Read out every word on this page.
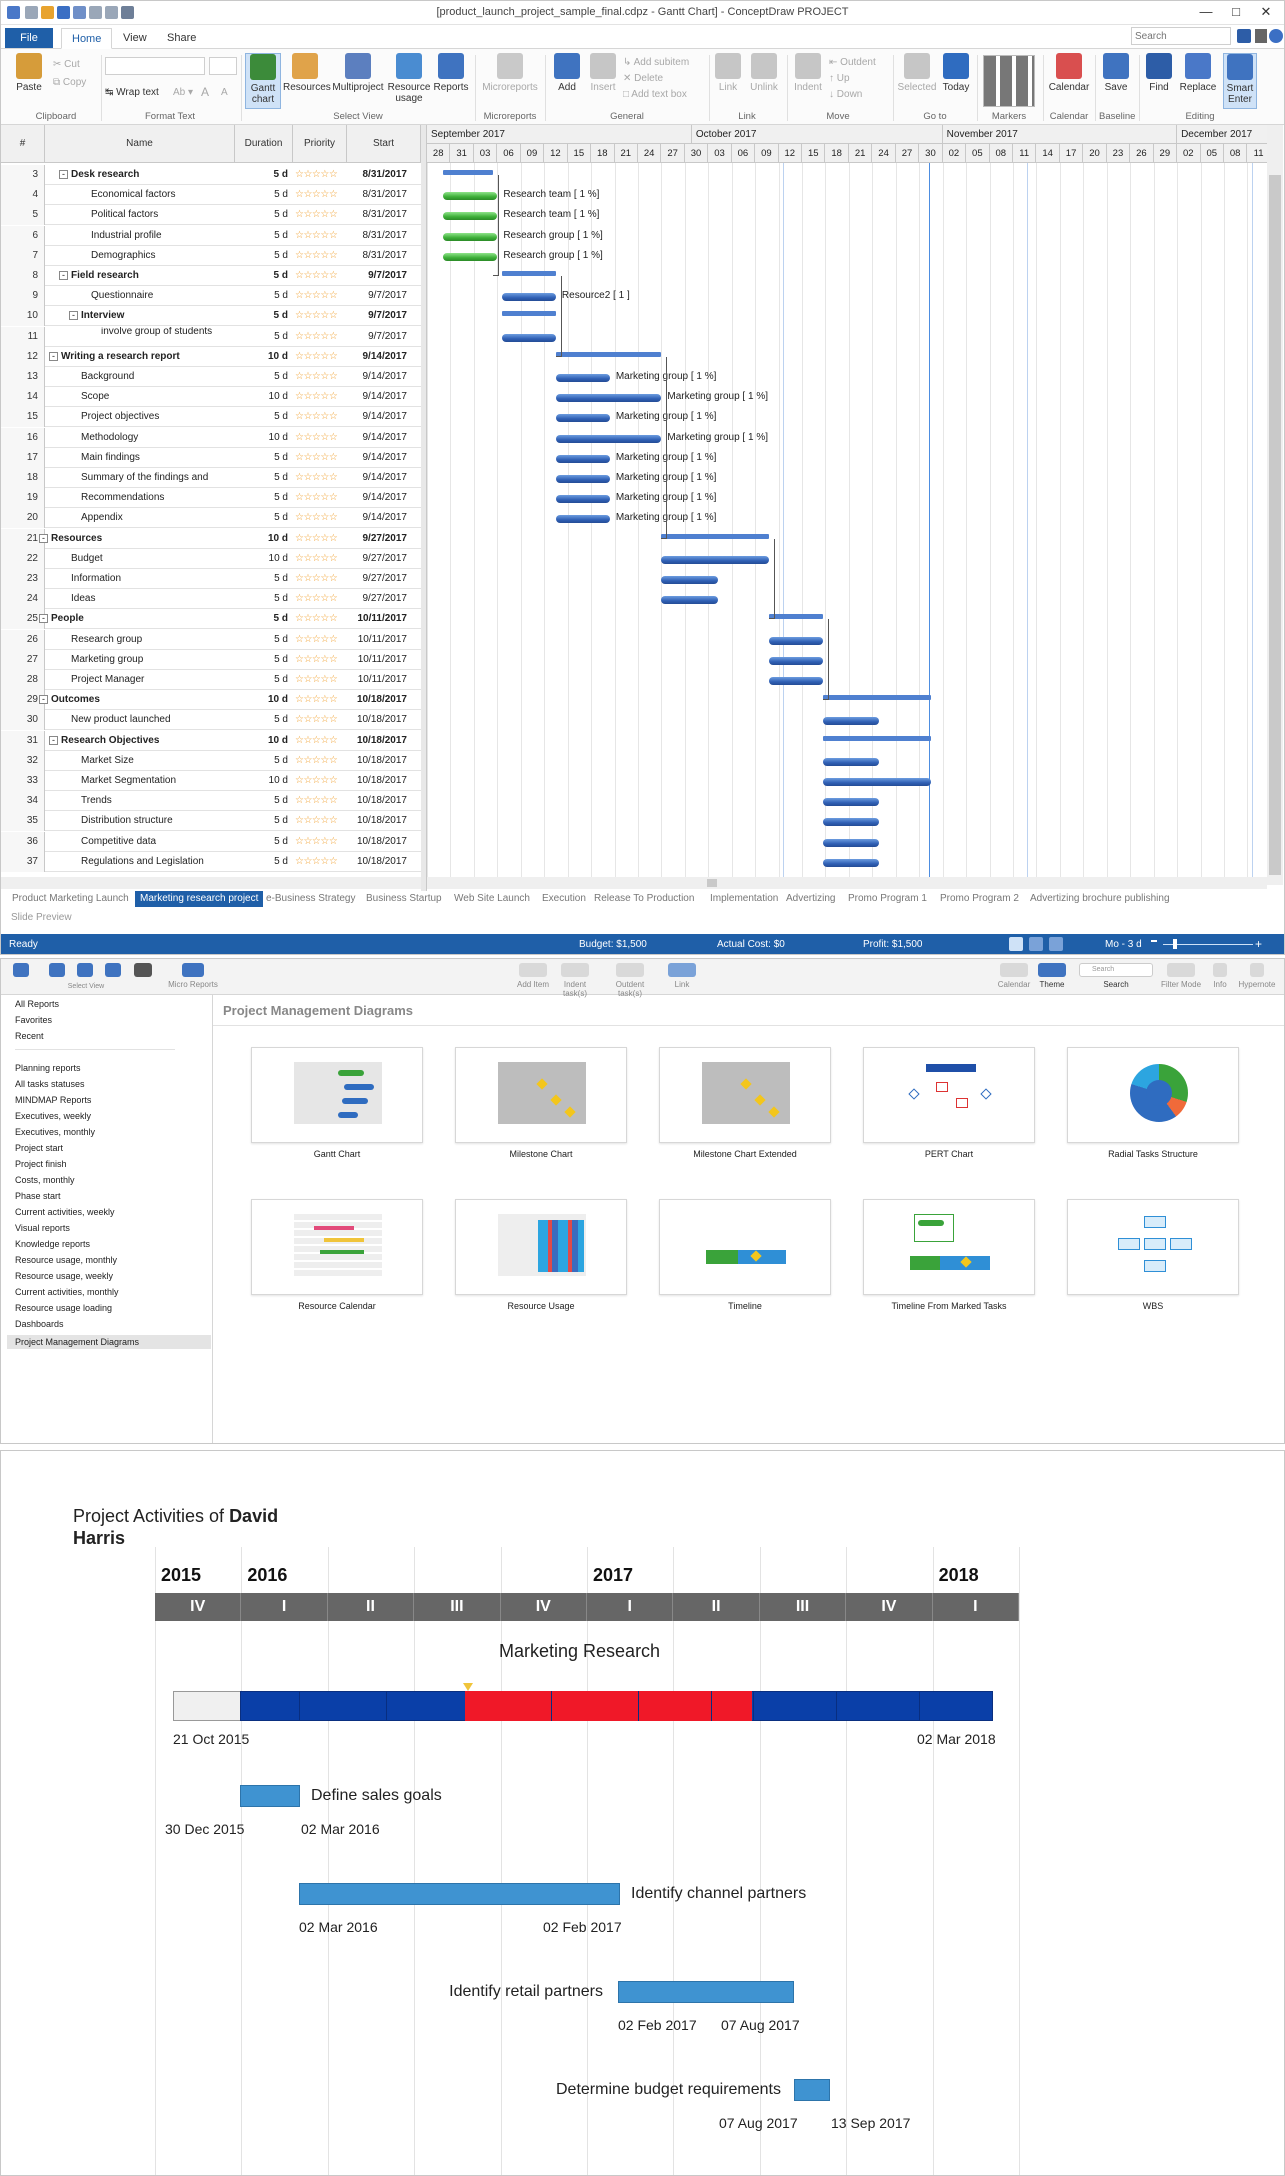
[product_launch_project_sample_final.cdpz - Gantt Chart] - ConceptDraw PROJECT	—	□	✕
File	Home	View	Share
Search
Paste
✂ Cut
⧉ Copy
Clipboard
↹ Wrap text Ab ▾ A A
Format Text
Gantt chart
Resources Multiproject Resource usage
Reports
Select View
Microreports
Microreports
Add	Insert
↳ Add subitem
✕ Delete
□ Add text box
General
Link	Unlink
Link
Indent
⇤ Outdent
↑ Up
↓ Down
Move
Selected Today
Go to	Markers
Calendar
Calendar
Save
Baseline
Find	Replace	Smart Enter
Editing
#	Name	Duration	Priority	Start
September 2017	October 2017	November 2017	December 2017
28	31	03	06	09	12	15	18	21	24	27	30	03	06	09	12	15	18	21	24	27	30	02	05	08	11	14	17	20	23	26	29	02	05	08	11
3	- Desk research	5 d ☆☆☆☆☆	8/31/2017
4	Economical factors	5 d ☆☆☆☆☆	8/31/2017
5	Political factors	5 d ☆☆☆☆☆	8/31/2017
6	Industrial profile	5 d ☆☆☆☆☆	8/31/2017
7	Demographics	5 d ☆☆☆☆☆	8/31/2017
8	- Field research	5 d ☆☆☆☆☆	9/7/2017
9	Questionnaire	5 d ☆☆☆☆☆	9/7/2017
10	- Interview	5 d ☆☆☆☆☆	9/7/2017
11	involve group of students	5 d ☆☆☆☆☆	9/7/2017
12	- Writing a research report	10 d ☆☆☆☆☆	9/14/2017
13	Background	5 d ☆☆☆☆☆	9/14/2017
14	Scope	10 d ☆☆☆☆☆	9/14/2017
15	Project objectives	5 d ☆☆☆☆☆	9/14/2017
16	Methodology	10 d ☆☆☆☆☆	9/14/2017
17	Main findings	5 d ☆☆☆☆☆	9/14/2017
18	Summary of the findings and	5 d ☆☆☆☆☆	9/14/2017
19	Recommendations	5 d ☆☆☆☆☆	9/14/2017
20	Appendix	5 d ☆☆☆☆☆	9/14/2017
21 - Resources	10 d ☆☆☆☆☆	9/27/2017
22	Budget	10 d ☆☆☆☆☆	9/27/2017
23	Information	5 d ☆☆☆☆☆	9/27/2017
24	Ideas	5 d ☆☆☆☆☆	9/27/2017
25 - People	5 d ☆☆☆☆☆	10/11/2017
26	Research group	5 d ☆☆☆☆☆	10/11/2017
27	Marketing group	5 d ☆☆☆☆☆	10/11/2017
28	Project Manager	5 d ☆☆☆☆☆	10/11/2017
29 - Outcomes	10 d ☆☆☆☆☆	10/18/2017
30	New product launched	5 d ☆☆☆☆☆	10/18/2017
31	- Research Objectives	10 d ☆☆☆☆☆	10/18/2017
32	Market Size	5 d ☆☆☆☆☆	10/18/2017
33	Market Segmentation	10 d ☆☆☆☆☆	10/18/2017
34	Trends	5 d ☆☆☆☆☆	10/18/2017
35	Distribution structure	5 d ☆☆☆☆☆	10/18/2017
36	Competitive data	5 d ☆☆☆☆☆	10/18/2017
37	Regulations and Legislation	5 d ☆☆☆☆☆	10/18/2017
Research team [ 1 %]
Research team [ 1 %]
Research group [ 1 %]
Research group [ 1 %]
Resource2 [ 1 ]
Marketing group [ 1 %]
Marketing group [ 1 %]
Marketing group [ 1 %]
Marketing group [ 1 %]
Marketing group [ 1 %]
Marketing group [ 1 %]
Marketing group [ 1 %]
Marketing group [ 1 %]
Product Marketing Launch	Marketing research project e-Business Strategy	Business Startup	Web Site Launch	Execution Release To Production	Implementation Advertizing	Promo Program 1	Promo Program 2	Advertizing brochure publishing
Slide Preview
Ready	Budget: $1,500	Actual Cost: $0	Profit: $1,500	Mo - 3 d	+
Select View	Micro Reports	Add Item	Indent task(s)
Outdent task(s)
Link	Calendar	Theme
Search
Search	Filter Mode	Info	Hypernote
All Reports
Favorites
Recent
Planning reports
All tasks statuses
MINDMAP Reports
Executives, weekly
Executives, monthly
Project start
Project finish
Costs, monthly
Phase start
Current activities, weekly
Visual reports
Knowledge reports
Resource usage, monthly
Resource usage, weekly
Current activities, monthly
Resource usage loading
Dashboards
Project Management Diagrams
Project Management Diagrams
Gantt Chart	Milestone Chart	Milestone Chart Extended	PERT Chart	Radial Tasks Structure
Resource Calendar	Resource Usage	Timeline	Timeline From Marked Tasks	WBS
Project Activities of David Harris
2015	2016	2017	2018
IV	I	II	III	IV	I	II	III	IV	I
Marketing Research
21 Oct 2015	02 Mar 2018
Define sales goals
30 Dec 2015	02 Mar 2016
Identify channel partners
02 Mar 2016	02 Feb 2017
Identify retail partners
02 Feb 2017 07 Aug 2017
Determine budget requirements
07 Aug 2017 13 Sep 2017
